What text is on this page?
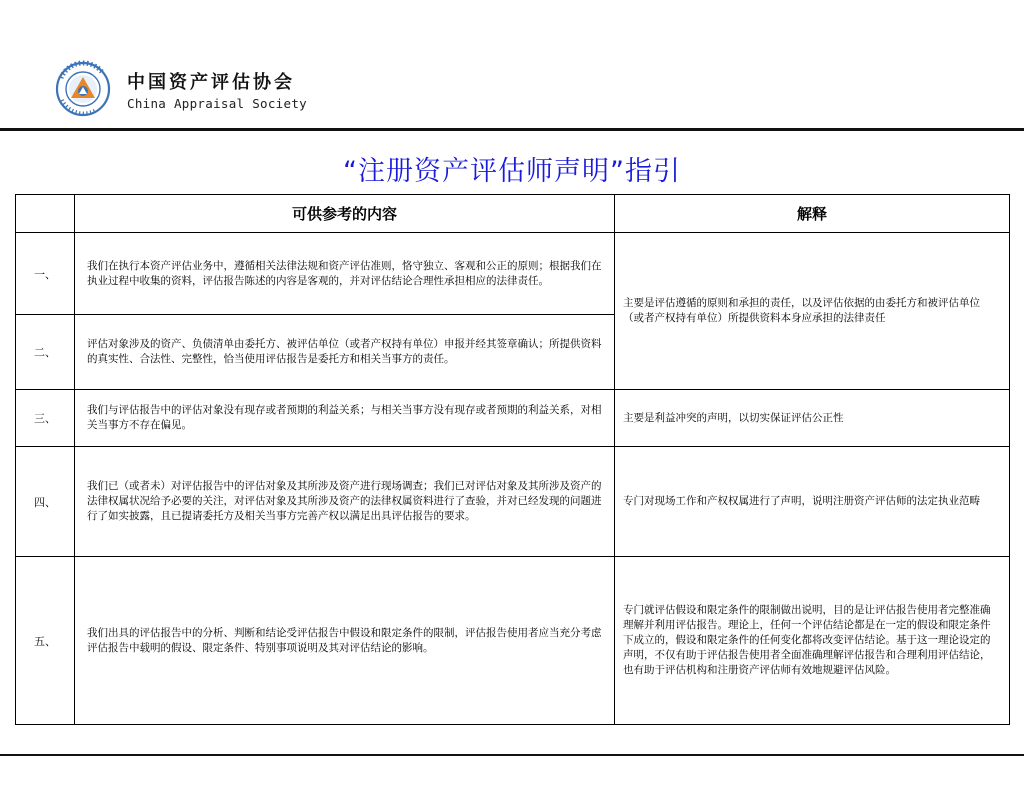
中国资产评估协会
China Appraisal Society
“注册资产评估师声明”指引
	可供参考的内容	解释
一、	我们在执行本资产评估业务中，遵循相关法律法规和资产评估准则，恪守独立、客观和公正的原则；根据我们在执业过程中收集的资料，评估报告陈述的内容是客观的，并对评估结论合理性承担相应的法律责任。	主要是评估遵循的原则和承担的责任，以及评估依据的由委托方和被评估单位（或者产权持有单位）所提供资料本身应承担的法律责任
二、	评估对象涉及的资产、负债清单由委托方、被评估单位（或者产权持有单位）申报并经其签章确认；所提供资料的真实性、合法性、完整性，恰当使用评估报告是委托方和相关当事方的责任。	
三、	我们与评估报告中的评估对象没有现存或者预期的利益关系；与相关当事方没有现存或者预期的利益关系，对相关当事方不存在偏见。	主要是利益冲突的声明，以切实保证评估公正性
四、	我们已（或者未）对评估报告中的评估对象及其所涉及资产进行现场调查；我们已对评估对象及其所涉及资产的法律权属状况给予必要的关注，对评估对象及其所涉及资产的法律权属资料进行了查验，并对已经发现的问题进行了如实披露，且已提请委托方及相关当事方完善产权以满足出具评估报告的要求。	专门对现场工作和产权权属进行了声明，说明注册资产评估师的法定执业范畴
五、	我们出具的评估报告中的分析、判断和结论受评估报告中假设和限定条件的限制，评估报告使用者应当充分考虑评估报告中载明的假设、限定条件、特别事项说明及其对评估结论的影响。	专门就评估假设和限定条件的限制做出说明，目的是让评估报告使用者完整准确理解并利用评估报告。理论上，任何一个评估结论都是在一定的假设和限定条件下成立的，假设和限定条件的任何变化都将改变评估结论。基于这一理论设定的声明，不仅有助于评估报告使用者全面准确理解评估报告和合理利用评估结论，也有助于评估机构和注册资产评估师有效地规避评估风险。
